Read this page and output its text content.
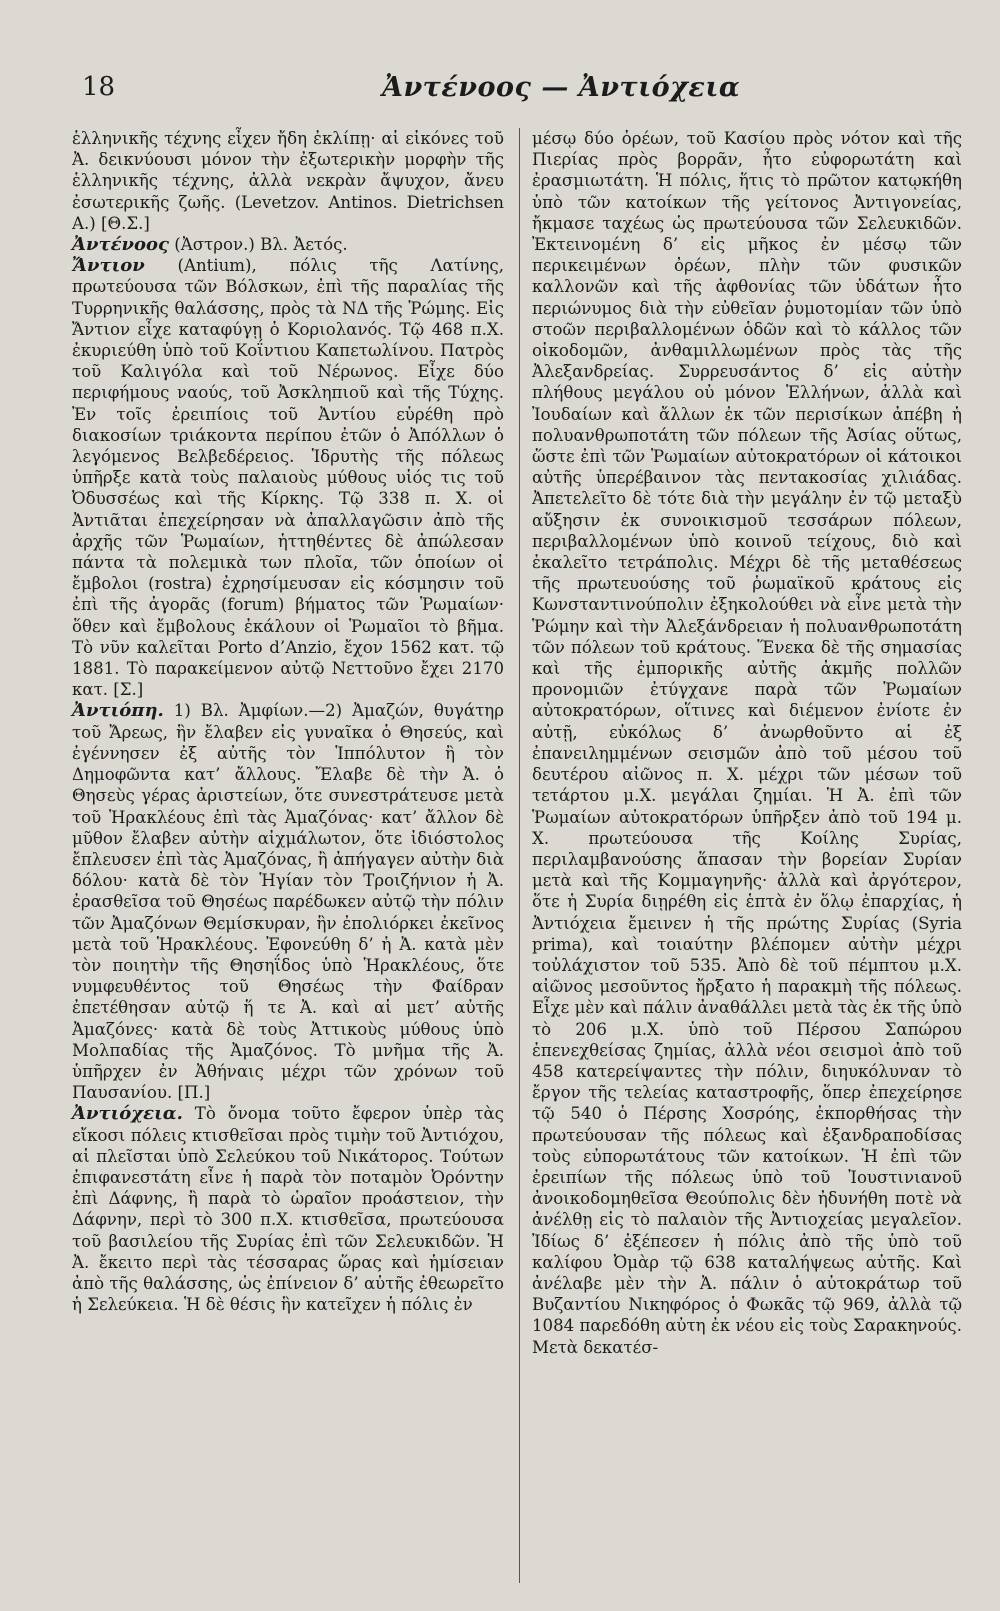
18	Ἀντένοος — Ἀντιόχεια

ἑλληνικῆς τέχνης εἶχεν ἤδη ἐκλίπῃ· αἱ εἰκόνες τοῦ Ἀ. δεικνύουσι μόνον τὴν ἐξωτερικὴν μορφὴν τῆς ἑλληνικῆς τέχνης, ἀλλὰ νεκρὰν ἄψυχον, ἄνευ ἐσωτερικῆς ζωῆς. (Levetzov. Antinos. Dietrichsen A.) [Θ.Σ.]

Ἀντένοος (Ἀστρον.) Βλ. Ἀετός.

Ἄντιον (Antium), πόλις τῆς Λατίνης, πρωτεύουσα τῶν Βόλσκων, ἐπὶ τῆς παραλίας τῆς Τυρρηνικῆς θαλάσσης, πρὸς τὰ ΝΔ τῆς Ῥώμης. Εἰς Ἄντιον εἶχε καταφύγῃ ὁ Κοριολανός. Τῷ 468 π.Χ. ἐκυριεύθη ὑπὸ τοῦ Κοΐντιου Καπετωλίνου. Πατρὸς τοῦ Καλιγόλα καὶ τοῦ Νέρωνος. Εἶχε δύο περιφήμους ναούς, τοῦ Ἀσκληπιοῦ καὶ τῆς Τύχης. Ἐν τοῖς ἐρειπίοις τοῦ Ἀντίου εὑρέθη πρὸ διακοσίων τριάκοντα περίπου ἐτῶν ὁ Ἀπόλλων ὁ λεγόμενος Βελβεδέρειος. Ἱδρυτὴς τῆς πόλεως ὑπῆρξε κατὰ τοὺς παλαιοὺς μύθους υἱός τις τοῦ Ὀδυσσέως καὶ τῆς Κίρκης. Τῷ 338 π. Χ. οἱ Ἀντιᾶται ἐπεχείρησαν νὰ ἀπαλλαγῶσιν ἀπὸ τῆς ἀρχῆς τῶν Ῥωμαίων, ἡττηθέντες δὲ ἀπώλεσαν πάντα τὰ πολεμικὰ των πλοῖα, τῶν ὁποίων οἱ ἔμβολοι (rostra) ἐχρησίμευσαν εἰς κόσμησιν τοῦ ἐπὶ τῆς ἀγορᾶς (forum) βήματος τῶν Ῥωμαίων· ὅθεν καὶ ἔμβολους ἐκάλουν οἱ Ῥωμαῖοι τὸ βῆμα. Τὸ νῦν καλεῖται Porto d’Anzio, ἔχον 1562 κατ. τῷ 1881. Τὸ παρακείμενον αὐτῷ Νεττοῦνο ἔχει 2170 κατ. [Σ.]

Ἀντιόπη. 1) Βλ. Ἀμφίων.—2) Ἀμαζών, θυγάτηρ τοῦ Ἄρεως, ἣν ἔλαβεν εἰς γυναῖκα ὁ Θησεύς, καὶ ἐγέννησεν ἐξ αὐτῆς τὸν Ἱππόλυτον ἢ τὸν Δημοφῶντα κατ’ ἄλλους. Ἔλαβε δὲ τὴν Ἀ. ὁ Θησεὺς γέρας ἀριστείων, ὅτε συνεστράτευσε μετὰ τοῦ Ἡρακλέους ἐπὶ τὰς Ἀμαζόνας· κατ’ ἄλλον δὲ μῦθον ἔλαβεν αὐτὴν αἰχμάλωτον, ὅτε ἰδιόστολος ἔπλευσεν ἐπὶ τὰς Ἀμαζόνας, ἢ ἀπήγαγεν αὐτὴν διὰ δόλου· κατὰ δὲ τὸν Ἡγίαν τὸν Τροιζήνιον ἡ Ἀ. ἐρασθεῖσα τοῦ Θησέως παρέδωκεν αὐτῷ τὴν πόλιν τῶν Ἀμαζόνων Θεμίσκυραν, ἣν ἐπολιόρκει ἐκεῖνος μετὰ τοῦ Ἡρακλέους. Ἐφονεύθη δ’ ἡ Ἀ. κατὰ μὲν τὸν ποιητὴν τῆς Θησηΐδος ὑπὸ Ἡρακλέους, ὅτε νυμφευθέντος τοῦ Θησέως τὴν Φαίδραν ἐπετέθησαν αὐτῷ ἥ τε Ἀ. καὶ αἱ μετ’ αὐτῆς Ἀμαζόνες· κατὰ δὲ τοὺς Ἀττικοὺς μύθους ὑπὸ Μολπαδίας τῆς Ἀμαζόνος. Τὸ μνῆμα τῆς Ἀ. ὑπῆρχεν ἐν Ἀθήναις μέχρι τῶν χρόνων τοῦ Παυσανίου. [Π.]

Ἀντιόχεια. Τὸ ὄνομα τοῦτο ἔφερον ὑπὲρ τὰς εἴκοσι πόλεις κτισθεῖσαι πρὸς τιμὴν τοῦ Ἀντιόχου, αἱ πλεῖσται ὑπὸ Σελεύκου τοῦ Νικάτορος. Τούτων ἐπιφανεστάτη εἶνε ἡ παρὰ τὸν ποταμὸν Ὀρόντην ἐπὶ Δάφνης, ἢ παρὰ τὸ ὡραῖον προάστειον, τὴν Δάφνην, περὶ τὸ 300 π.Χ. κτισθεῖσα, πρωτεύουσα τοῦ βασιλείου τῆς Συρίας ἐπὶ τῶν Σελευκιδῶν. Ἡ Ἀ. ἔκειτο περὶ τὰς τέσσαρας ὥρας καὶ ἡμίσειαν ἀπὸ τῆς θαλάσσης, ὡς ἐπίνειον δ’ αὐτῆς ἐθεωρεῖτο ἡ Σελεύκεια. Ἡ δὲ θέσις ἣν κατεῖχεν ἡ πόλις ἐν

μέσῳ δύο ὀρέων, τοῦ Κασίου πρὸς νότον καὶ τῆς Πιερίας πρὸς βορρᾶν, ἦτο εὐφορωτάτη καὶ ἐρασμιωτάτη. Ἡ πόλις, ἥτις τὸ πρῶτον κατῳκήθη ὑπὸ τῶν κατοίκων τῆς γείτονος Ἀντιγονείας, ἤκμασε ταχέως ὡς πρωτεύουσα τῶν Σελευκιδῶν. Ἐκτεινομένη δ’ εἰς μῆκος ἐν μέσῳ τῶν περικειμένων ὀρέων, πλὴν τῶν φυσικῶν καλλονῶν καὶ τῆς ἀφθονίας τῶν ὑδάτων ἦτο περιώνυμος διὰ τὴν εὐθεῖαν ῥυμοτομίαν τῶν ὑπὸ στοῶν περιβαλλομένων ὁδῶν καὶ τὸ κάλλος τῶν οἰκοδομῶν, ἀνθαμιλλωμένων πρὸς τὰς τῆς Ἀλεξανδρείας. Συρρευσάντος δ’ εἰς αὐτὴν πλήθους μεγάλου οὐ μόνον Ἑλλήνων, ἀλλὰ καὶ Ἰουδαίων καὶ ἄλλων ἐκ τῶν περισίκων ἀπέβη ἡ πολυανθρωποτάτη τῶν πόλεων τῆς Ἀσίας οὕτως, ὥστε ἐπὶ τῶν Ῥωμαίων αὐτοκρατόρων οἱ κάτοικοι αὐτῆς ὑπερέβαινον τὰς πεντακοσίας χιλιάδας. Ἀπετελεῖτο δὲ τότε διὰ τὴν μεγάλην ἐν τῷ μεταξὺ αὔξησιν ἐκ συνοικισμοῦ τεσσάρων πόλεων, περιβαλλομένων ὑπὸ κοινοῦ τείχους, διὸ καὶ ἐκαλεῖτο τετράπολις. Μέχρι δὲ τῆς μεταθέσεως τῆς πρωτευούσης τοῦ ῥωμαϊκοῦ κράτους εἰς Κωνσταντινούπολιν ἐξηκολούθει νὰ εἶνε μετὰ τὴν Ῥώμην καὶ τὴν Ἀλεξάνδρειαν ἡ πολυανθρωποτάτη τῶν πόλεων τοῦ κράτους. Ἕνεκα δὲ τῆς σημασίας καὶ τῆς ἐμπορικῆς αὐτῆς ἀκμῆς πολλῶν προνομιῶν ἐτύγχανε παρὰ τῶν Ῥωμαίων αὐτοκρατόρων, οἵτινες καὶ διέμενον ἐνίοτε ἐν αὐτῇ, εὐκόλως δ’ ἀνωρθοῦντο αἱ ἐξ ἐπανειλημμένων σεισμῶν ἀπὸ τοῦ μέσου τοῦ δευτέρου αἰῶνος π. Χ. μέχρι τῶν μέσων τοῦ τετάρτου μ.Χ. μεγάλαι ζημίαι. Ἡ Ἀ. ἐπὶ τῶν Ῥωμαίων αὐτοκρατόρων ὑπῆρξεν ἀπὸ τοῦ 194 μ. Χ. πρωτεύουσα τῆς Κοίλης Συρίας, περιλαμβανούσης ἅπασαν τὴν βορείαν Συρίαν μετὰ καὶ τῆς Κομμαγηνῆς· ἀλλὰ καὶ ἀργότερον, ὅτε ἡ Συρία διῃρέθη εἰς ἑπτὰ ἐν ὅλῳ ἐπαρχίας, ἡ Ἀντιόχεια ἔμεινεν ἡ τῆς πρώτης Συρίας (Syria prima), καὶ τοιαύτην βλέπομεν αὐτὴν μέχρι τοὐλάχιστον τοῦ 535. Ἀπὸ δὲ τοῦ πέμπτου μ.Χ. αἰῶνος μεσοῦντος ἤρξατο ἡ παρακμὴ τῆς πόλεως. Εἶχε μὲν καὶ πάλιν ἀναθάλλει μετὰ τὰς ἐκ τῆς ὑπὸ τὸ 206 μ.Χ. ὑπὸ τοῦ Πέρσου Σαπώρου ἐπενεχθείσας ζημίας, ἀλλὰ νέοι σεισμοὶ ἀπὸ τοῦ 458 κατερείψαντες τὴν πόλιν, διηυκόλυναν τὸ ἔργον τῆς τελείας καταστροφῆς, ὅπερ ἐπεχείρησε τῷ 540 ὁ Πέρσης Χοσρόης, ἐκπορθήσας τὴν πρωτεύουσαν τῆς πόλεως καὶ ἐξανδραποδίσας τοὺς εὐπορωτάτους τῶν κατοίκων. Ἡ ἐπὶ τῶν ἐρειπίων τῆς πόλεως ὑπὸ τοῦ Ἰουστινιανοῦ ἀνοικοδομηθεῖσα Θεούπολις δὲν ἠδυνήθη ποτὲ νὰ ἀνέλθῃ εἰς τὸ παλαιὸν τῆς Ἀντιοχείας μεγαλεῖον. Ἰδίως δ’ ἐξέπεσεν ἡ πόλις ἀπὸ τῆς ὑπὸ τοῦ καλίφου Ὀμὰρ τῷ 638 καταλήψεως αὐτῆς. Καὶ ἀνέλαβε μὲν τὴν Ἀ. πάλιν ὁ αὐτοκράτωρ τοῦ Βυζαντίου Νικηφόρος ὁ Φωκᾶς τῷ 969, ἀλλὰ τῷ 1084 παρεδόθη αὐτη ἐκ νέου εἰς τοὺς Σαρακηνούς. Μετὰ δεκατέσ-
